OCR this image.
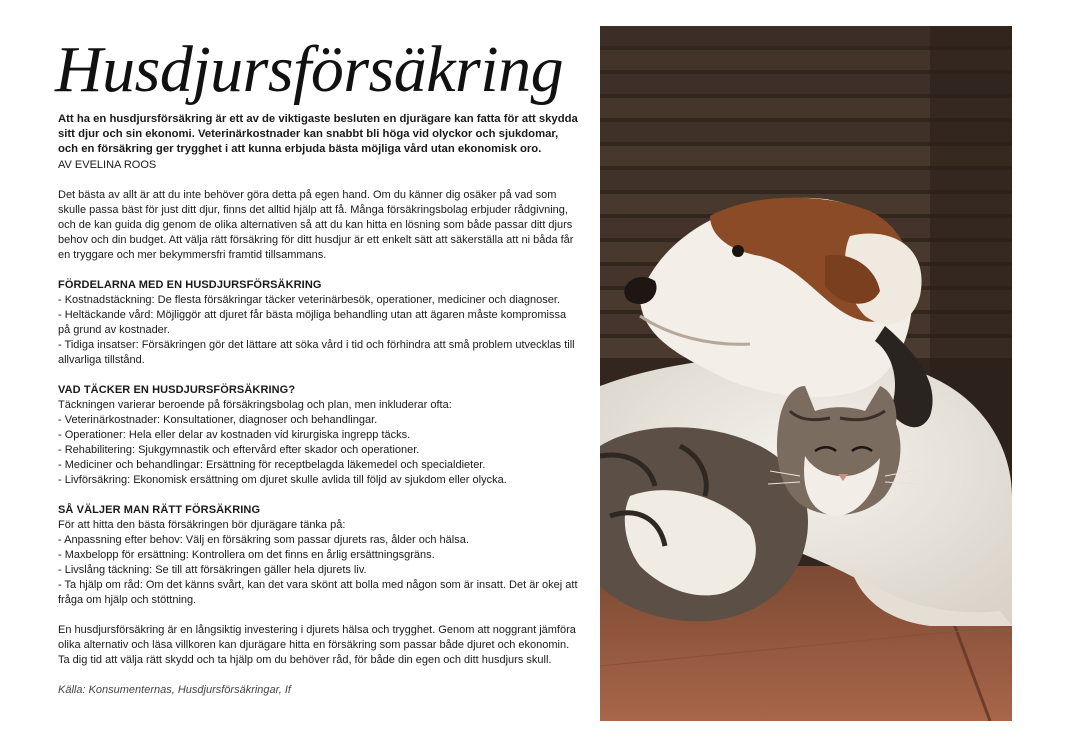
Husdjursförsäkring

Att ha en husdjursförsäkring är ett av de viktigaste besluten en djurägare kan fatta för att skydda sitt djur och sin ekonomi. Veterinärkostnader kan snabbt bli höga vid olyckor och sjukdomar, och en försäkring ger trygghet i att kunna erbjuda bästa möjliga vård utan ekonomisk oro.

AV EVELINA ROOS

Det bästa av allt är att du inte behöver göra detta på egen hand. Om du känner dig osäker på vad som skulle passa bäst för just ditt djur, finns det alltid hjälp att få. Många försäkringsbolag erbjuder rådgivning, och de kan guida dig genom de olika alternativen så att du kan hitta en lösning som både passar ditt djurs behov och din budget. Att välja rätt försäkring för ditt husdjur är ett enkelt sätt att säkerställa att ni båda får en tryggare och mer bekymmersfri framtid tillsammans.

FÖRDELARNA MED EN HUSDJURSFÖRSÄKRING

- Kostnadstäckning: De flesta försäkringar täcker veterinärbesök, operationer, mediciner och diagnoser.
- Heltäckande vård: Möjliggör att djuret får bästa möjliga behandling utan att ägaren måste kompromissa på grund av kostnader.
- Tidiga insatser: Försäkringen gör det lättare att söka vård i tid och förhindra att små problem utvecklas till allvarliga tillstånd.

VAD TÄCKER EN HUSDJURSFÖRSÄKRING?

Täckningen varierar beroende på försäkringsbolag och plan, men inkluderar ofta:

- Veterinärkostnader: Konsultationer, diagnoser och behandlingar.
- Operationer: Hela eller delar av kostnaden vid kirurgiska ingrepp täcks.
- Rehabilitering: Sjukgymnastik och eftervård efter skador och operationer.
- Mediciner och behandlingar: Ersättning för receptbelagda läkemedel och specialdieter.
- Livförsäkring: Ekonomisk ersättning om djuret skulle avlida till följd av sjukdom eller olycka.

SÅ VÄLJER MAN RÄTT FÖRSÄKRING

För att hitta den bästa försäkringen bör djurägare tänka på:

- Anpassning efter behov: Välj en försäkring som passar djurets ras, ålder och hälsa.
- Maxbelopp för ersättning: Kontrollera om det finns en årlig ersättningsgräns.
- Livslång täckning: Se till att försäkringen gäller hela djurets liv.
- Ta hjälp om råd: Om det känns svårt, kan det vara skönt att bolla med någon som är insatt. Det är okej att fråga om hjälp och stöttning.

En husdjursförsäkring är en långsiktig investering i djurets hälsa och trygghet. Genom att noggrant jämföra olika alternativ och läsa villkoren kan djurägare hitta en försäkring som passar både djuret och ekonomin. Ta dig tid att välja rätt skydd och ta hjälp om du behöver råd, för både din egen och ditt husdjurs skull.

Källa: Konsumenternas, Husdjursförsäkringar, If
